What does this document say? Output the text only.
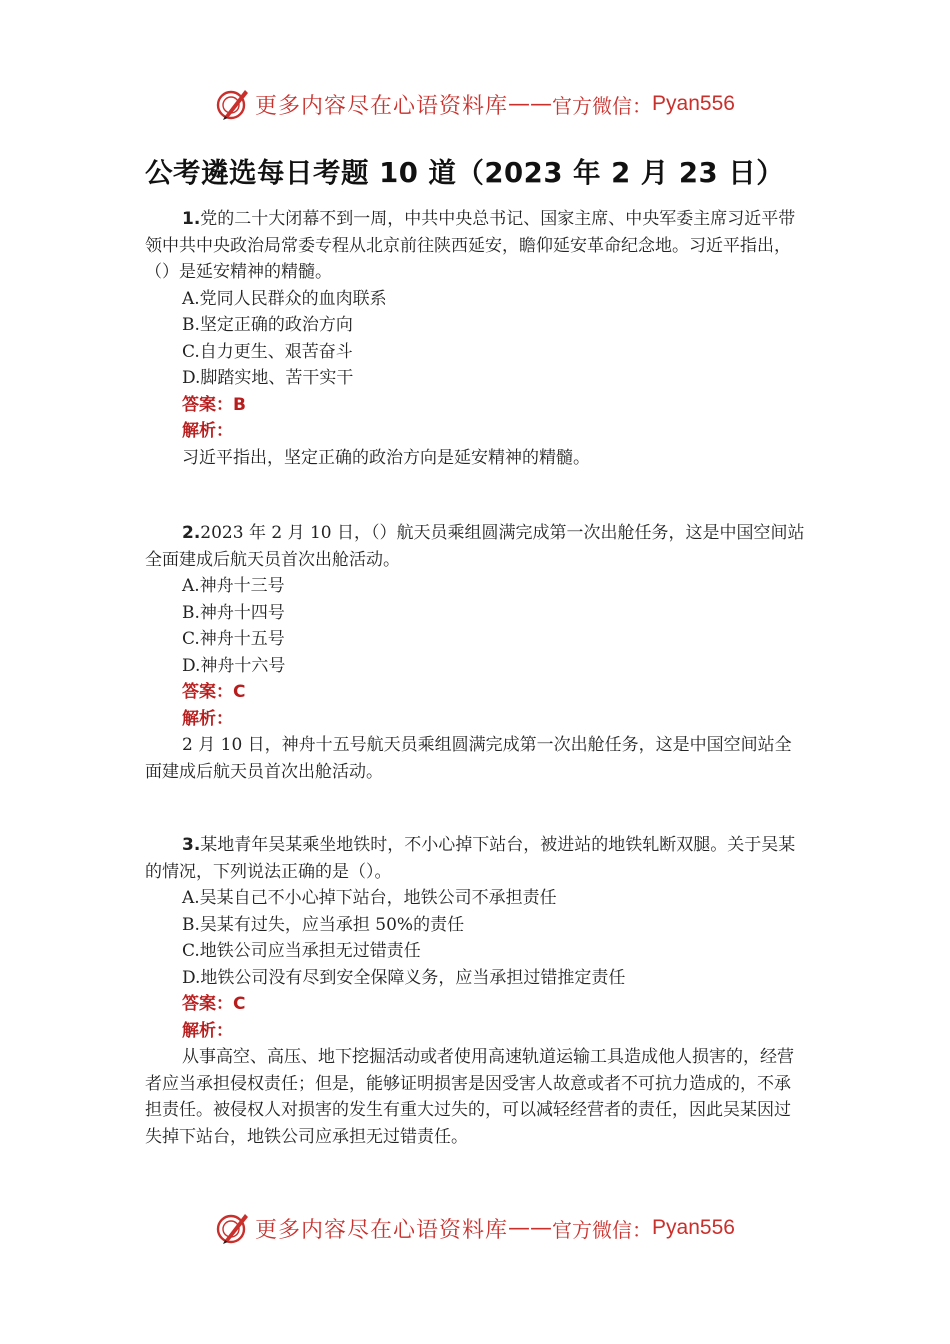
更多内容尽在心语资料库 —— 官方微信： Pyan556
公考遴选每日考题 10 道（2023 年 2 月 23 日）

1.党的二十大闭幕不到一周，中共中央总书记、国家主席、中央军委主席习近平带领中共中央政治局常委专程从北京前往陕西延安，瞻仰延安革命纪念地。习近平指出，（）是延安精神的精髓。

A.党同人民群众的血肉联系

B.坚定正确的政治方向

C.自力更生、艰苦奋斗

D.脚踏实地、苦干实干

答案：B

解析：

习近平指出，坚定正确的政治方向是延安精神的精髓。

2.2023 年 2 月 10 日，（）航天员乘组圆满完成第一次出舱任务，这是中国空间站全面建成后航天员首次出舱活动。

A.神舟十三号

B.神舟十四号

C.神舟十五号

D.神舟十六号

答案：C

解析：

2 月 10 日，神舟十五号航天员乘组圆满完成第一次出舱任务，这是中国空间站全面建成后航天员首次出舱活动。

3.某地青年吴某乘坐地铁时，不小心掉下站台，被进站的地铁轧断双腿。关于吴某的情况，下列说法正确的是（）。

A.吴某自己不小心掉下站台，地铁公司不承担责任

B.吴某有过失，应当承担 50%的责任

C.地铁公司应当承担无过错责任

D.地铁公司没有尽到安全保障义务，应当承担过错推定责任

答案：C

解析：

从事高空、高压、地下挖掘活动或者使用高速轨道运输工具造成他人损害的，经营者应当承担侵权责任；但是，能够证明损害是因受害人故意或者不可抗力造成的，不承担责任。被侵权人对损害的发生有重大过失的，可以减轻经营者的责任，因此吴某因过失掉下站台，地铁公司应承担无过错责任。

更多内容尽在心语资料库 —— 官方微信： Pyan556
